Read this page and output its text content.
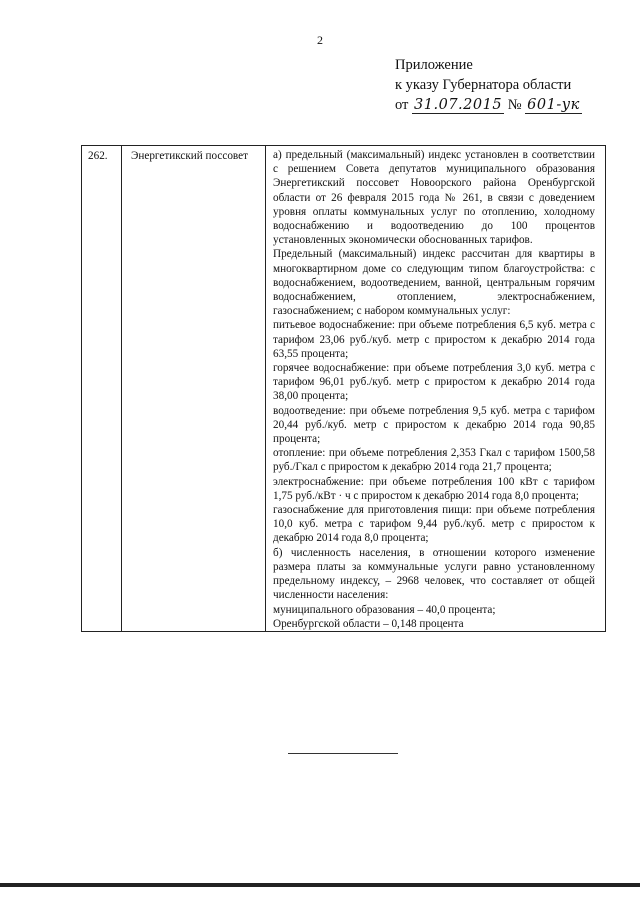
2
Приложение
к указу Губернатора области
от 31.07.2015 № 601-ук
262.	Энергетикский поссовет	а) предельный (максимальный) индекс установлен в соответствии с решением Совета депутатов муниципального образования Энергетикский поссовет Новоорского района Оренбургской области от 26 февраля 2015 года № 261, в связи с доведением уровня оплаты коммунальных услуг по отоплению, холодному водоснабжению и водоотведению до 100 процентов установленных экономически обоснованных тарифов.

Предельный (максимальный) индекс рассчитан для квартиры в многоквартирном доме со следующим типом благоустройства: с водоснабжением, водоотведением, ванной, центральным горячим водоснабжением, отоплением, электроснабжением, газоснабжением; с набором коммунальных услуг:

питьевое водоснабжение: при объеме потребления 6,5 куб. метра с тарифом 23,06 руб./куб. метр с приростом к декабрю 2014 года 63,55 процента;

горячее водоснабжение: при объеме потребления 3,0 куб. метра с тарифом 96,01 руб./куб. метр с приростом к декабрю 2014 года 38,00 процента;

водоотведение: при объеме потребления 9,5 куб. метра с тарифом 20,44 руб./куб. метр с приростом к декабрю 2014 года 90,85 процента;

отопление: при объеме потребления 2,353 Гкал с тарифом 1500,58 руб./Гкал с приростом к декабрю 2014 года 21,7 процента;

электроснабжение: при объеме потребления 100 кВт с тарифом 1,75 руб./кВт · ч с приростом к декабрю 2014 года 8,0 процента;

газоснабжение для приготовления пищи: при объеме потребления 10,0 куб. метра с тарифом 9,44 руб./куб. метр с приростом к декабрю 2014 года 8,0 процента;

б) численность населения, в отношении которого изменение размера платы за коммунальные услуги равно установленному предельному индексу, – 2968 человек, что составляет от общей численности населения:

муниципального образования – 40,0 процента;

Оренбургской области – 0,148 процента
